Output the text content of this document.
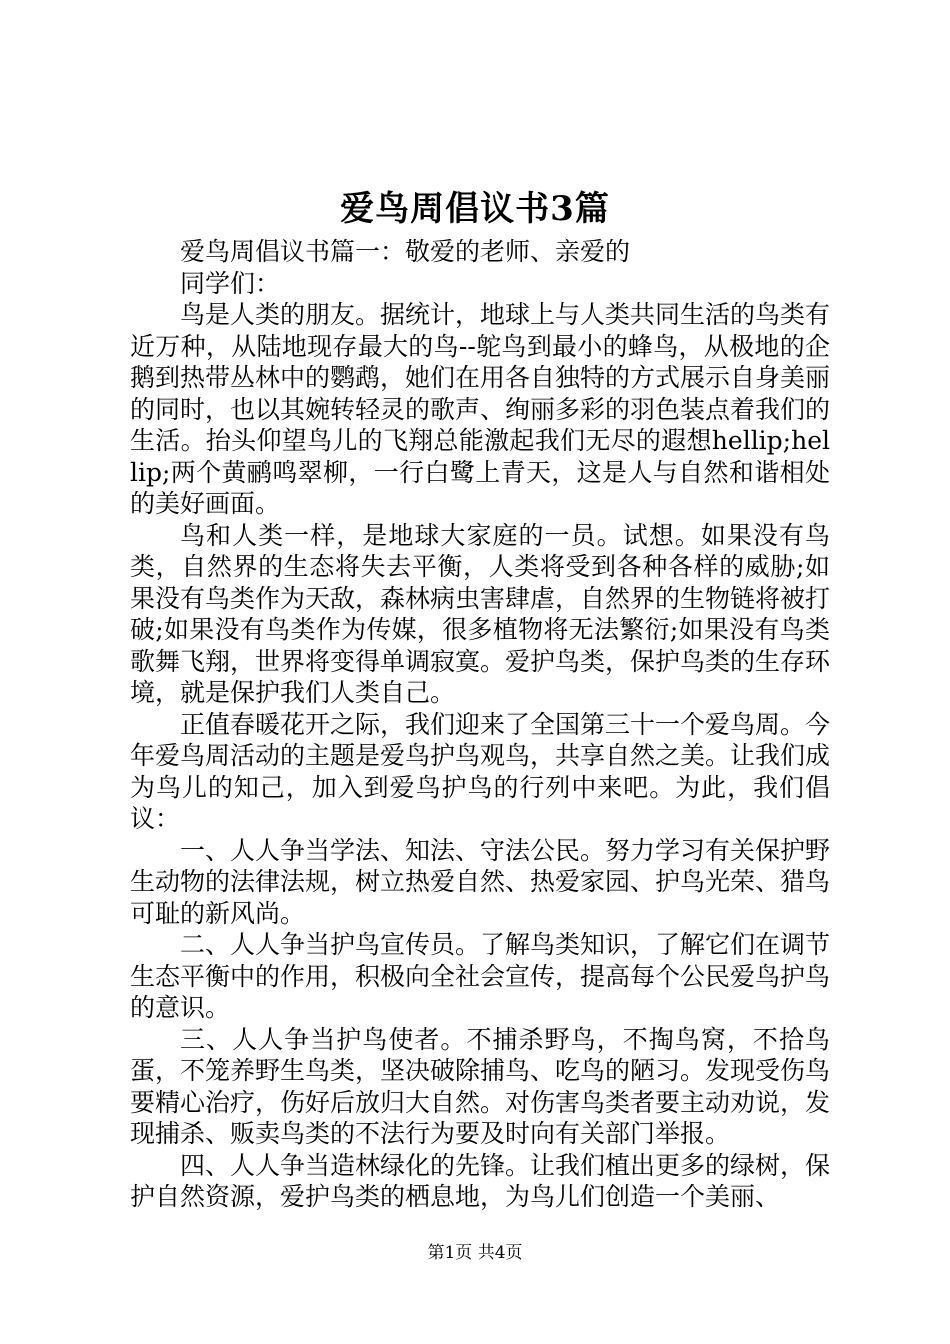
爱鸟周倡议书3篇

爱鸟周倡议书篇一：敬爱的老师、亲爱的

同学们：

鸟是人类的朋友。据统计，地球上与人类共同生活的鸟类有近万种，从陆地现存最大的鸟--鸵鸟到最小的蜂鸟，从极地的企鹅到热带丛林中的鹦鹉，她们在用各自独特的方式展示自身美丽的同时，也以其婉转轻灵的歌声、绚丽多彩的羽色装点着我们的生活。抬头仰望鸟儿的飞翔总能激起我们无尽的遐想hellip;hellip;两个黄鹂鸣翠柳，一行白鹭上青天，这是人与自然和谐相处的美好画面。

鸟和人类一样，是地球大家庭的一员。试想。如果没有鸟类，自然界的生态将失去平衡，人类将受到各种各样的威胁;如果没有鸟类作为天敌，森林病虫害肆虐，自然界的生物链将被打破;如果没有鸟类作为传媒，很多植物将无法繁衍;如果没有鸟类歌舞飞翔，世界将变得单调寂寞。爱护鸟类，保护鸟类的生存环境，就是保护我们人类自己。

正值春暖花开之际，我们迎来了全国第三十一个爱鸟周。今年爱鸟周活动的主题是爱鸟护鸟观鸟，共享自然之美。让我们成为鸟儿的知己，加入到爱鸟护鸟的行列中来吧。为此，我们倡议：

一、人人争当学法、知法、守法公民。努力学习有关保护野生动物的法律法规，树立热爱自然、热爱家园、护鸟光荣、猎鸟可耻的新风尚。

二、人人争当护鸟宣传员。了解鸟类知识，了解它们在调节生态平衡中的作用，积极向全社会宣传，提高每个公民爱鸟护鸟的意识。

三、人人争当护鸟使者。不捕杀野鸟，不掏鸟窝，不拾鸟蛋，不笼养野生鸟类，坚决破除捕鸟、吃鸟的陋习。发现受伤鸟要精心治疗，伤好后放归大自然。对伤害鸟类者要主动劝说，发现捕杀、贩卖鸟类的不法行为要及时向有关部门举报。

四、人人争当造林绿化的先锋。让我们植出更多的绿树，保护自然资源，爱护鸟类的栖息地，为鸟儿们创造一个美丽、

第1页 共4页
